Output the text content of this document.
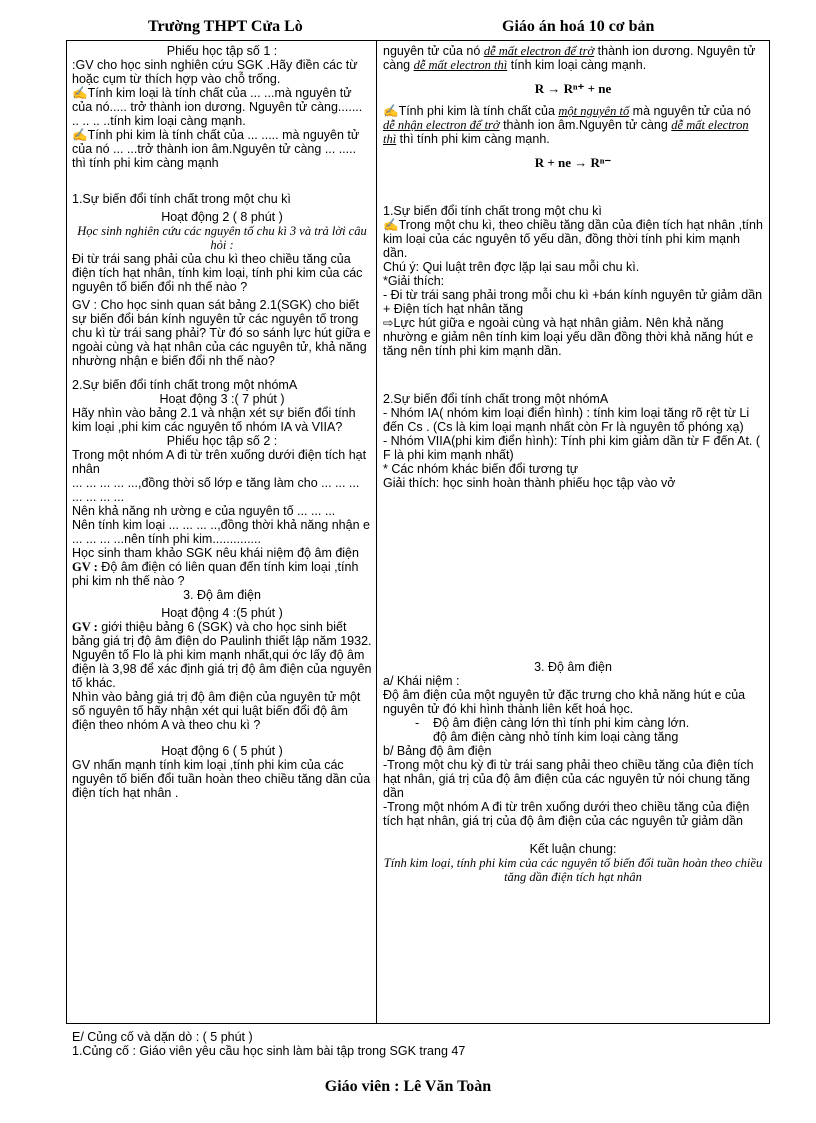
Trường THPT Cửa Lò	Giáo án hoá 10 cơ bản

Phiếu học tập số 1 :

:GV cho học sinh nghiên cứu SGK .Hãy điền các từ hoặc cụm từ thích hợp vào chỗ trống.

✍Tính kim loại là tính chất của ... ...mà nguyên tử của nó..... trở thành ion dương. Nguyên tử càng.......

.. .. .. ..tính kim loại càng mạnh.

✍Tính phi kim là tính chất của ... ..... mà nguyên tử của nó ... ...trở thành ion âm.Nguyên tử càng ... ..... thì tính phi kim càng mạnh

1.Sự biến đổi tính chất trong một chu kì

Hoạt động 2 ( 8 phút )

Học sinh nghiên cứu các nguyên tố chu kì 3 và trả lời câu hỏi :

Đi từ trái sang phải của chu kì theo chiều tăng của điện tích hạt nhân, tính kim loại, tính phi kim của các nguyên tố biến đổi nh thế nào ?

GV : Cho học sinh quan sát bảng 2.1(SGK) cho biết sự biến đổi bán kính nguyên tử các nguyên tố trong chu kì từ trái sang phải? Từ đó so sánh lực hút giữa e ngoài cùng và hạt nhân của các nguyên tử, khả năng nhường nhận e biến đổi nh thế nào?

2.Sự biến đổi tính chất trong một nhómA

Hoạt động 3 :( 7 phút )

Hãy nhìn vào bảng 2.1 và nhận xét sự biến đổi tính kim loại ,phi kim các nguyên tố nhóm IA và VIIA?

Phiếu học tập số 2 :

Trong một nhóm A đi từ trên xuống dưới điện tích hạt nhân

... ... ... ... ...,đồng thời số lớp e tăng làm cho ... ... ... ... ... ... ...

Nên khả năng nh ường e của nguyên tố ... ... ...

Nên tính kim loại ... ... ... ..,đồng thời khả năng nhận e ... ... ... ...nên tính phi kim..............

Học sinh tham khảo SGK nêu khái niệm độ âm điện

GV : Độ âm điện có liên quan đến tính kim loại ,tính phi kim nh thế nào ?

3. Độ âm điện

Hoạt động 4 :(5 phút )

GV : giới thiệu bảng 6 (SGK) và cho học sinh biết bảng giá trị độ âm điện do Paulinh thiết lập năm 1932. Nguyên tố Flo là phi kim mạnh nhất,qui ớc lấy độ âm điện là 3,98 để xác định giá trị độ âm điện của nguyên tố khác.

Nhìn vào bảng giá trị độ âm điện của nguyên tử một số nguyên tố hãy nhận xét qui luật biến đổi độ âm điện theo nhóm A và theo chu kì ?

Hoạt động 6 ( 5 phút )

GV nhấn mạnh tính kim loại ,tính phi kim của các nguyên tố biến đổi tuần hoàn theo chiều tăng dần của điện tích hạt nhân .

nguyên tử của nó dễ mất electron để trở thành ion dương. Nguyên tử càng dễ mất electron thì tính kim loại càng mạnh.

R → Rⁿ⁺ + ne

✍Tính phi kim là tính chất của một nguyên tố mà nguyên tử của nó dễ nhận electron để trở thành ion âm.Nguyên tử càng dễ mất electron thì thì tính phi kim càng mạnh.

R + ne → Rⁿ⁻

1.Sự biến đổi tính chất trong một chu kì

✍Trong một chu kì, theo chiều tăng dần của điện tích hạt nhân ,tính kim loại của các nguyên tố yếu dần, đồng thời tính phi kim mạnh dần.

Chú ý: Qui luật trên đợc lặp lại sau mỗi chu kì.

*Giải thích:

- Đi từ trái sang phải trong mỗi chu kì +bán kính nguyên tử giảm dần

+ Điện tích hạt nhân tăng

⇨Lực hút giữa e ngoài cùng và hạt nhân giảm. Nên khả năng nhường e giảm nên tính kim loại yếu dần đồng thời khả năng hút e tăng nên tính phi kim mạnh dần.

2.Sự biến đổi tính chất trong một nhómA

- Nhóm IA( nhóm kim loại điển hình) : tính kim loại tăng rõ rệt từ Li đến Cs . (Cs là kim loại mạnh nhất còn Fr là nguyên tố phóng xạ)

- Nhóm VIIA(phi kim điển hình): Tính phi kim giảm dần từ F đến At. ( F là phi kim mạnh nhất)

* Các nhóm khác biến đổi tương tự

Giải thích: học sinh hoàn thành phiếu học tập vào vở

3. Độ âm điện

a/ Khái niệm :

Độ âm điện của một nguyên tử đặc trưng cho khả năng hút e của nguyên tử đó khi hình thành liên kết hoá học.

-    Độ âm điện càng lớn thì tính phi kim càng lớn.

độ âm điện càng nhỏ tính kim loại càng tăng

b/ Bảng độ âm điện

-Trong một chu kỳ đi từ trái sang phải theo chiều tăng của điện tích hạt nhân, giá trị của độ âm điện của các nguyên tử nói chung tăng dần

-Trong một nhóm A đi từ trên xuống dưới theo chiều tăng của điện tích hạt nhân, giá trị của độ âm điện của các nguyên tử giảm dần

Kết luận chung:

Tính kim loại, tính phi kim của các nguyên tố biến đổi tuần hoàn theo chiều tăng dần điện tích hạt nhân

E/ Củng cố và dặn dò : ( 5 phút )
1.Củng cố : Giáo viên yêu cầu học sinh làm bài tập trong SGK trang 47
Giáo viên : Lê Văn Toàn
